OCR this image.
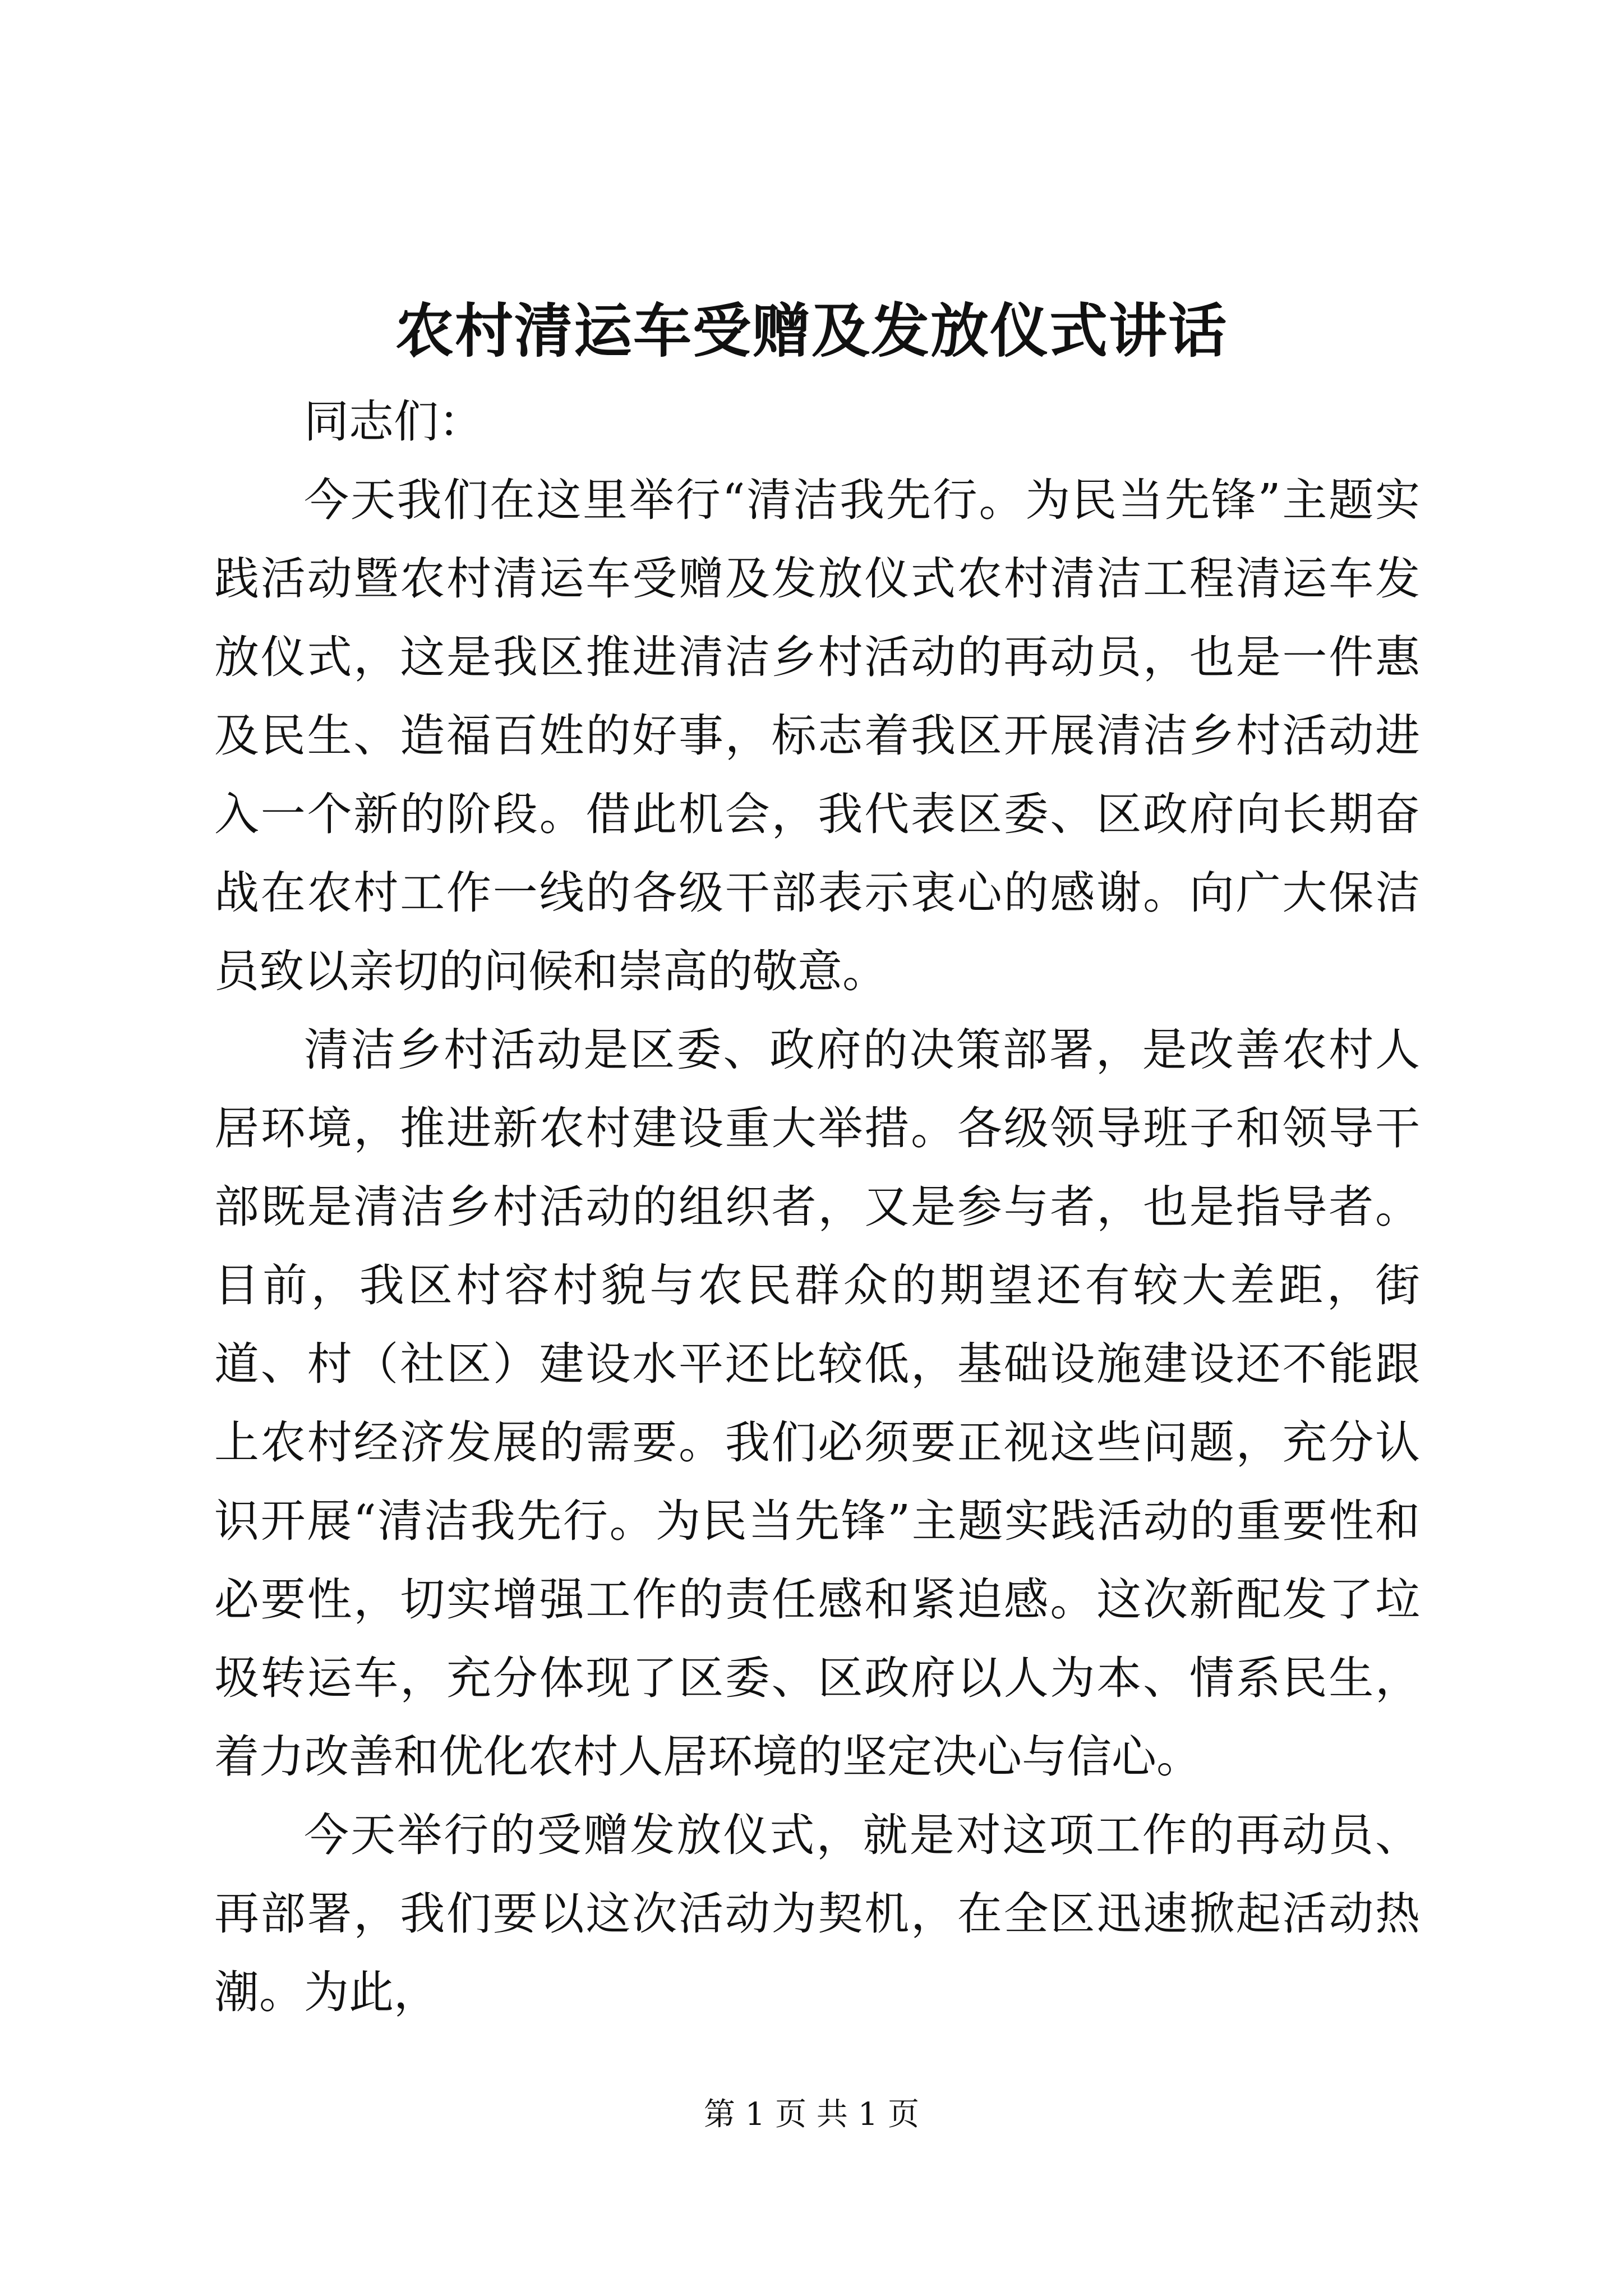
农村清运车受赠及发放仪式讲话

同志们：

今天我们在这里举行“清洁我先行。为民当先锋”主题实践活动暨农村清运车受赠及发放仪式农村清洁工程清运车发放仪式，这是我区推进清洁乡村活动的再动员，也是一件惠及民生、造福百姓的好事，标志着我区开展清洁乡村活动进入一个新的阶段。借此机会，我代表区委、区政府向长期奋战在农村工作一线的各级干部表示衷心的感谢。向广大保洁员致以亲切的问候和崇高的敬意。

清洁乡村活动是区委、政府的决策部署，是改善农村人居环境，推进新农村建设重大举措。各级领导班子和领导干部既是清洁乡村活动的组织者，又是参与者，也是指导者。目前，我区村容村貌与农民群众的期望还有较大差距，街道、村（社区）建设水平还比较低，基础设施建设还不能跟上农村经济发展的需要。我们必须要正视这些问题，充分认识开展“清洁我先行。为民当先锋”主题实践活动的重要性和必要性，切实增强工作的责任感和紧迫感。这次新配发了垃圾转运车，充分体现了区委、区政府以人为本、情系民生，着力改善和优化农村人居环境的坚定决心与信心。

今天举行的受赠发放仪式，就是对这项工作的再动员、再部署，我们要以这次活动为契机，在全区迅速掀起活动热潮。为此，

第 1 页 共 1 页
